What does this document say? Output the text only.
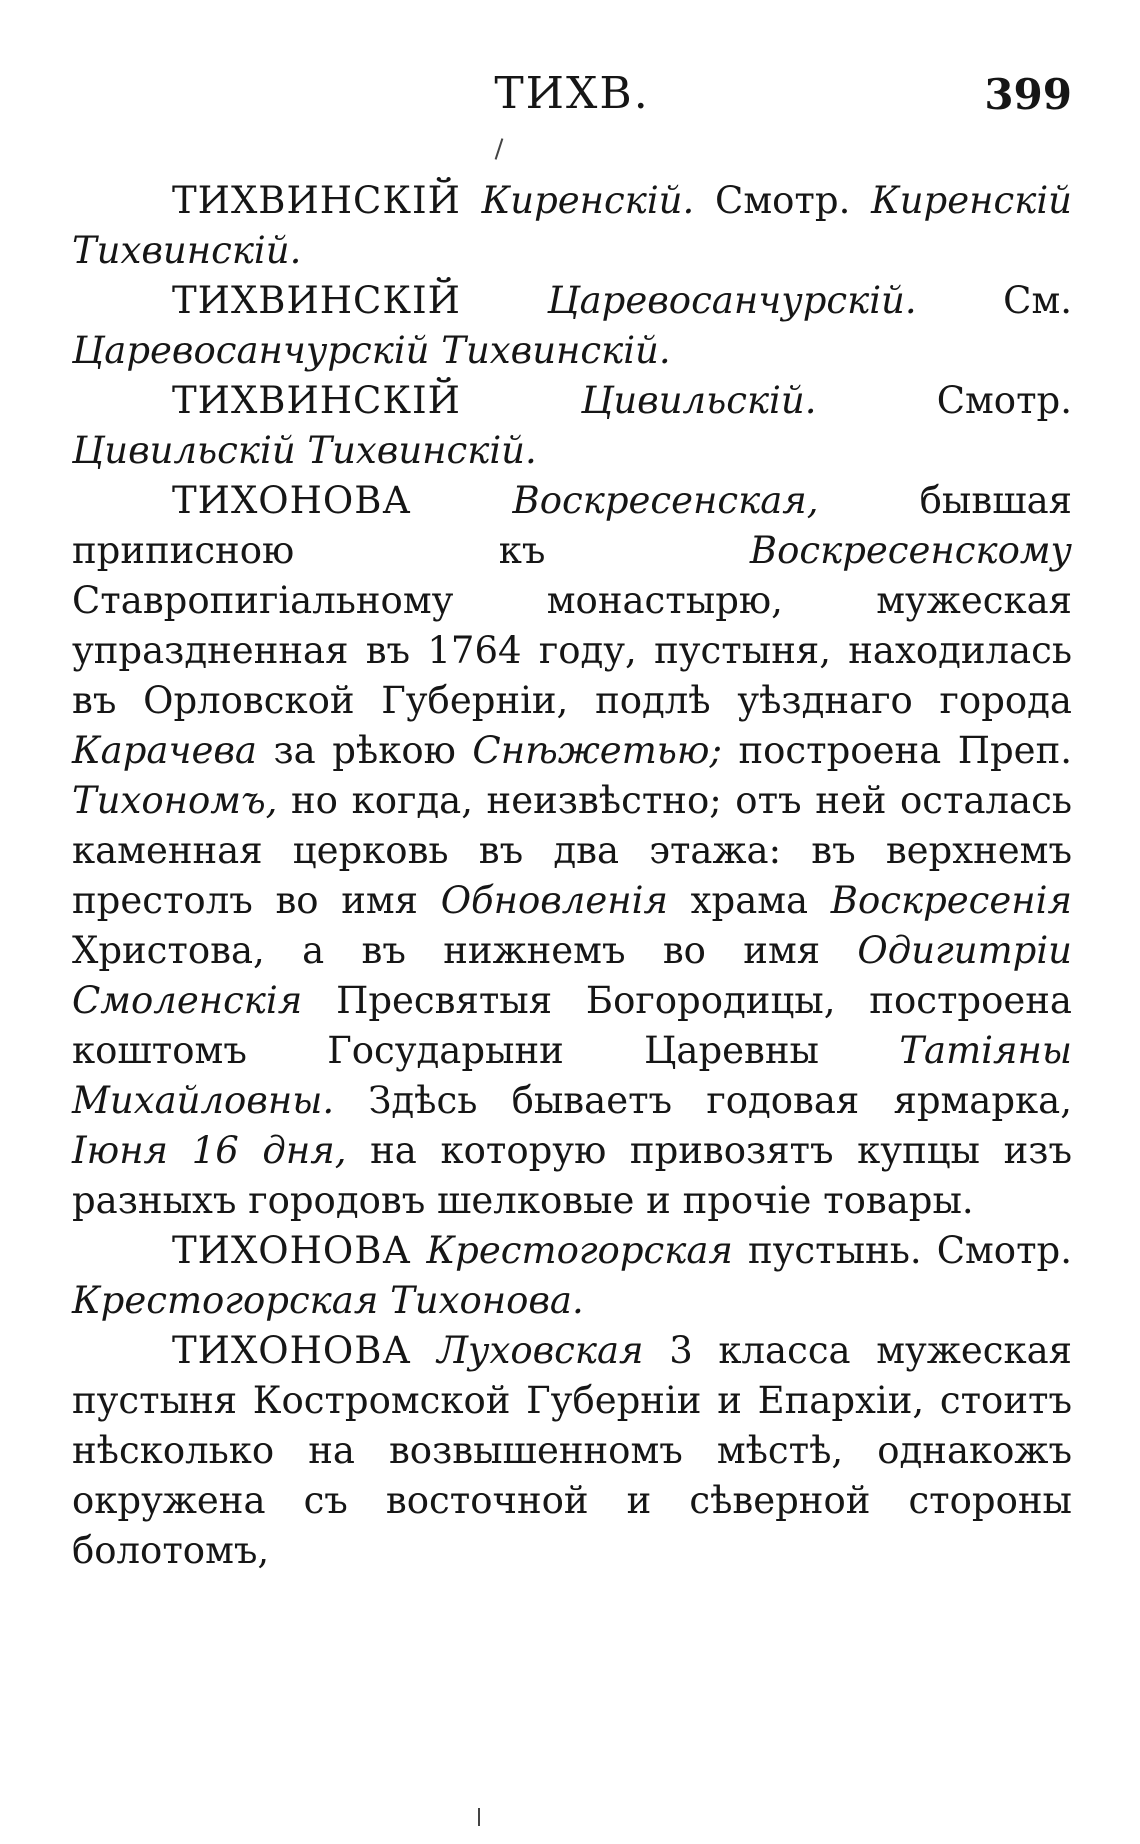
ТИХВ.	399

ТИХВИНСКІЙ Киренскій. Смотр. Киренскій Тихвинскій.

ТИХВИНСКІЙ Царевосанчурскій. См. Царевосанчурскій Тихвинскій.

ТИХВИНСКІЙ	Цивильскій. Смотр. Цивильскій Тихвинскій.

ТИХОНОВА	Воскресенская, бывшая приписною къ Воскресенскому Ставропигіальному монастырю, мужеская упраздненная въ 1764 году, пустыня, находилась въ Орловской Губерніи, подлѣ уѣзднаго города Карачева за рѣкою Снѣжетью; построена Преп. Тихономъ, но когда, неизвѣстно; отъ ней осталась каменная церковь въ два этажа: въ верхнемъ престолъ во имя Обновленія храма Воскресенія Христова, а въ нижнемъ во имя Одигитріи Смоленскія Пресвятыя Богородицы, построена коштомъ Государыни Царевны Татіяны Михайловны. Здѣсь бываетъ годовая ярмарка, Іюня 16 дня, на которую привозятъ купцы изъ разныхъ городовъ шелковые и прочіе товары.

ТИХОНОВА Крестогорская пустынь. Смотр. Крестогорская Тихонова.

ТИХОНОВА Луховская 3 класса мужеская пустыня Костромской Губерніи и Епархіи, стоитъ нѣсколько на возвышенномъ мѣстѣ, однакожъ окружена съ восточной и сѣверной стороны болотомъ,
